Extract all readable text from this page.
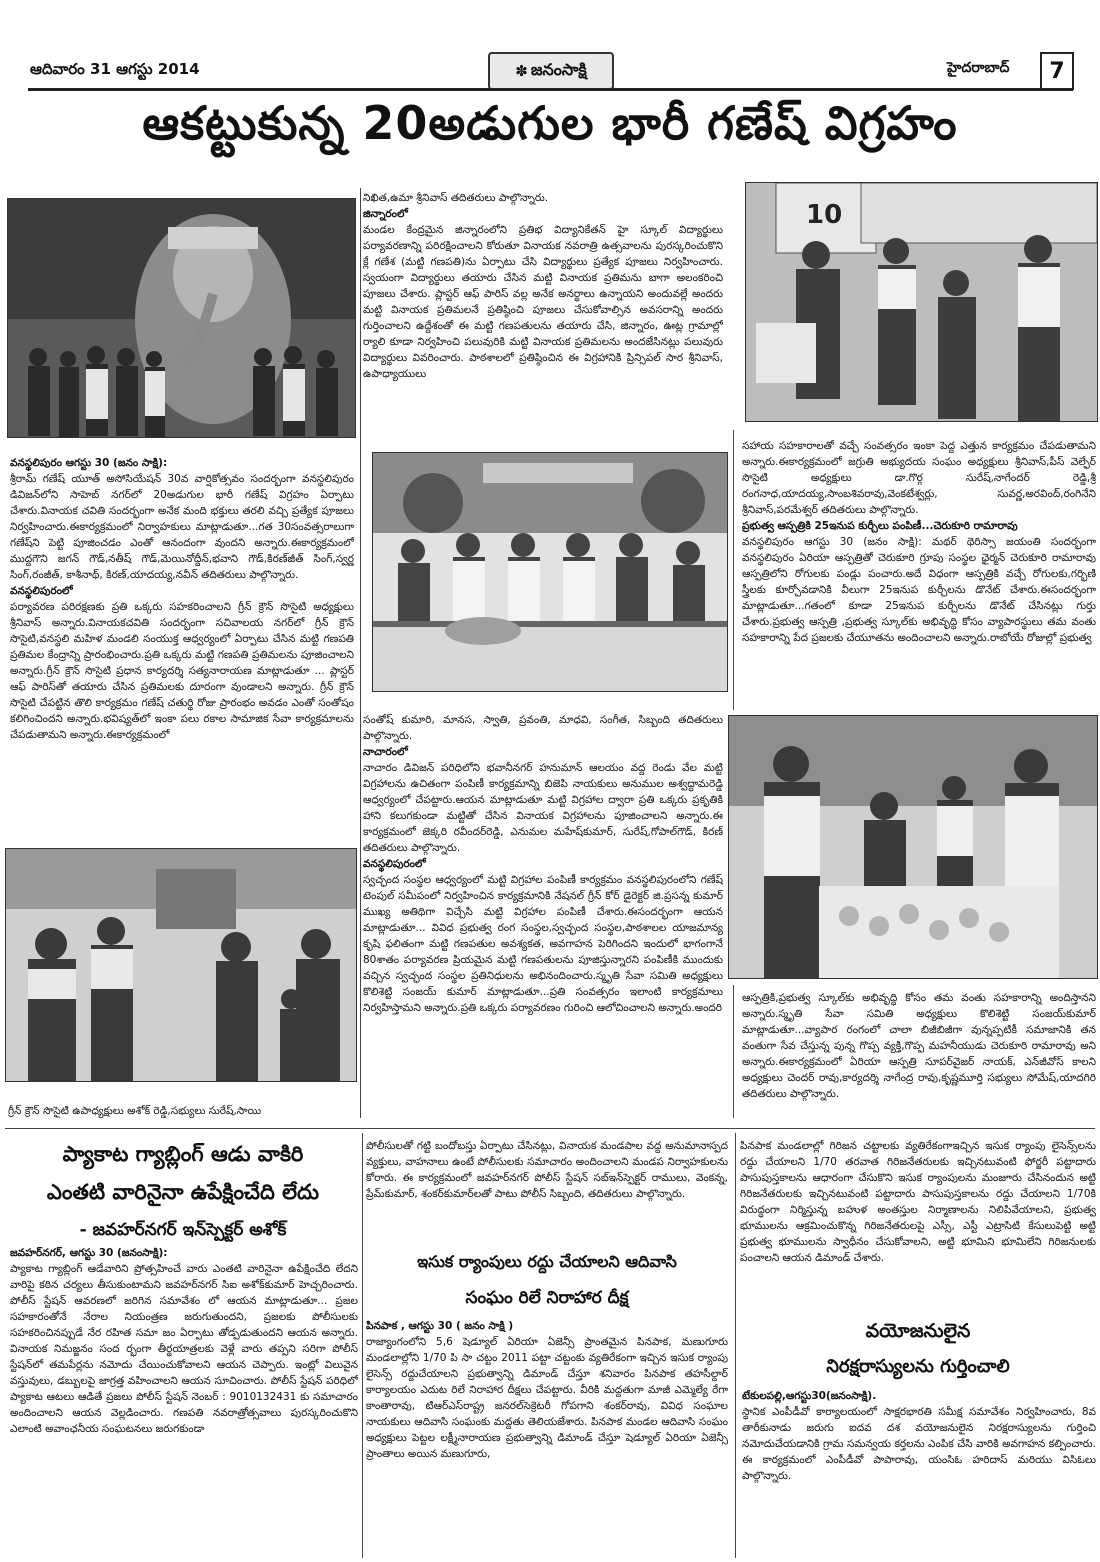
ఆదివారం 31 ఆగస్టు 2014	✽ జనంసాక్షి	హైదరాబాద్	7
ఆకట్టుకున్న 20అడుగుల భారీ గణేష్ విగ్రహం
వనస్థలిపురం ఆగస్టు 30 (జనం సాక్షి):
శ్రీరామ్ గణేష్ యూత్ అసోసియేషన్ 30వ వార్షికోత్సవం సందర్భంగా వనస్థలిపురం డివిజన్‌లోని సాహెబ్ నగర్‌లో 20అడుగుల భారీ గణేష్ విగ్రహం ఏర్పాటు చేశారు.వినాయక చవితి సందర్భంగా అనేక మంది భక్తులు తరలి వచ్చి ప్రత్యేక పూజలు నిర్వహించారు.ఈకార్యక్రమంలో నిర్వాహకులు మాట్లాడుతూ...గత 30సంవత్సరాలుగా గణేష్‌ని పెట్టి పూజించడం ఎంతో ఆనందంగా వుందని అన్నారు.ఈకార్యక్రమంలో ముద్దగౌని జగన్ గౌడ్,నతీష్ గౌడ్,మెయినోద్దీన్,భవాని గౌడ్,కిరణ్‌జీత్ సింగ్,స్వర్ణ సింగ్,రంజీత్, కాశీనాథ్, కిరణ్,యాదయ్య,నవీన్ తదితరులు పాల్గొన్నారు.
వనస్థలిపురంలో
పర్యావరణ పరిరక్షణకు ప్రతి ఒక్కరు సహకరించాలని గ్రీన్ క్రౌన్ సొసైటి అధ్యక్షులు శ్రీనివాస్ అన్నారు.వినాయకచవితి సందర్భంగా సచివాలయ నగర్‌లో గ్రీన్ క్రౌన్ సొసైటి,వనస్థలి మహిళ మండలి సంయుక్త ఆధ్వర్యంలో ఏర్పాటు చేసిన మట్టి గణపతి ప్రతిమల కేంద్రాన్ని ప్రారంభించారు.ప్రతి ఒక్కరు మట్టి గణపతి ప్రతిమలను పూజించాలని అన్నారు.గ్రీన్ క్రౌన్ సొసైటి ప్రధాన కార్యదర్శి సత్యనారాయణ మాట్లాడుతూ ... ప్లాస్టర్ ఆఫ్ పారిస్‌తో తయారు చేసిన ప్రతిమలకు దూరంగా వుండాలని అన్నారు. గ్రీన్ క్రౌన్ సొసైటి చేపట్టిన తొలి కార్యక్రమం గణేష్ చతుర్థి రోజు ప్రారంభం అవడం ఎంతో సంతోషం కలిగించిందని అన్నారు.భవిష్యత్‌లో ఇంకా పలు రకాల సామాజిక సేవా కార్యక్రమాలను చేపడుతామని అన్నారు.ఈకార్యక్రమంలో
గ్రీన్ క్రౌన్ సొసైటి ఉపాధ్యక్షులు అశోక్ రెడ్డి,సభ్యులు సురేష్,సాయి
నిఖిత,ఉమా శ్రీనివాస్ తదితరులు పాల్గొన్నారు.
జిన్నారంలో
మండల కేంద్రమైన జిన్నారంలోని ప్రతిభ విద్యానికేతన్ హై స్కూల్ విద్యార్థులు పర్యావరణాన్ని పరిరక్షించాలని కోరుతూ వినాయక నవరాత్రి ఉత్సవాలను పురస్కరించుకొని క్లే గణేశ (మట్టి గణపతి)ను ఏర్పాటు చేసి విద్యార్థులు ప్రత్యేక పూజలు నిర్వహించారు. స్వయంగా విద్యార్థులు తయారు చేసిన మట్టి వినాయక ప్రతిమను బాగా అలంకరించి పూజలు చేశారు. ప్లాస్టర్ ఆఫ్ పారిస్ వల్ల అనేక అనర్థాలు ఉన్నాయని అందువల్లే అందరు మట్టి వినాయక ప్రతిమలనే ప్రతిష్ఠించి పూజలు చేసుకోవాల్సిన అవసరాన్ని అందరు గుర్తించాలని ఉద్దేశంతో ఈ మట్టి గణపతులను తయారు చేసి, జిన్నారం, ఊట్ల గ్రామాల్లో ర్యాలి కూడా నిర్వహించి పలువురికి మట్టి వినాయక ప్రతిమలను అందజేసినట్లు పలువురు విద్యార్థులు వివరించారు. పాఠశాలలో ప్రతిష్ఠించిన ఈ విగ్రహానికి ప్రిన్సిపల్ సార శ్రీనివాస్, ఉపాధ్యాయులు
సంతోష్ కుమారి, మానస, స్వాతి, ప్రవంతి, మాధవి, సంగీత, సిబ్బంది తదితరులు పాల్గొన్నారు.
నాచారంలో
నాచారం డివిజన్ పరిధిలోని భవానీనగర్ హనుమాన్ ఆలయం వద్ద రెండు వేల మట్టి విగ్రహాలను ఉచితంగా పంపిణీ కార్యక్రమాన్ని బిజెపి నాయకులు అనుముల అశ్వద్ధామరెడ్డి ఆధ్వర్యంలో చేపట్టారు.ఆయన మాట్లాడుతూ మట్టి విగ్రహాల ద్వారా ప్రతి ఒక్కరు ప్రకృతికి హాని కలుగకుండా మట్టితో చేసిన వినాయక విగ్రహాలను పూజించాలని అన్నారు.ఈ కార్యక్రమంలో జెక్కరి రవీందర్‌రెడ్డి, ఎనుమల మహేష్‌కుమార్, సురేష్,గోపాల్‌గౌడ్, కిరణ్ తదితరులు పాల్గొన్నారు.
వనస్థలిపురంలో
స్వచ్ఛంద సంస్థల ఆధ్వర్యంలో మట్టి విగ్రహాల పంపిణీ కార్యక్రమం వనస్థలిపురంలోని గణేష్ టెంపుల్ సమీపంలో నిర్వహించిన కార్యక్రమానికి నేషనల్ గ్రీన్ కోర్ డైరెక్టర్ జి.ప్రసన్న కుమార్ ముఖ్య అతిథిగా విచ్చేసి మట్టి విగ్రహాల పంపిణీ చేశారు.ఈసందర్భంగా ఆయన మాట్లాడుతూ... వివిధ ప్రభుత్వ రంగ సంస్థల,స్వచ్ఛంద సంస్థల,పాఠశాలల యాజమాన్య కృషి ఫలితంగా మట్టి గణపతుల అవశ్యకత, అవగాహన పెరిగిందని ఇందులో భాగంగానే 80శాతం పర్యావరణ ప్రియమైన మట్టి గణపతులను పూజిస్తున్నారని పంపిణీకి ముందుకు వచ్చిన స్వచ్ఛంద సంస్థల ప్రతినిధులను అభినందించారు.స్మృతి సేవా సమితి అధ్యక్షులు కొలిశెట్టి సంజయ్ కుమార్ మాట్లాడుతూ...ప్రతి సంవత్సరం ఇలాంటి కార్యక్రమాలు నిర్వహిస్తామని అన్నారు.ప్రతి ఒక్కరు పర్యావరణం గురించి ఆలోచించాలని అన్నారు.అందరి
10
సహాయ సహకారాలతో వచ్చే సంవత్సరం ఇంకా పెద్ద ఎత్తున కార్యక్రమం చేపడుతామని అన్నారు.ఈకార్యక్రమంలో జగ్రుతి అభ్యుదయ సంఘం అధ్యక్షులు శ్రీనివాస్,పీస్ వెల్ఫేర్ సొసైటి అధ్యక్షులు డా.గొర్గ సురేష్,నాగేందర్ రెడ్డి,శ్రీ రంగనాధ,యాదయ్య,సాంబశివరావు,వెంకటేశ్వర్లు, సువర్ణ,అరవింద్,రంగినేని శ్రీనివాస్,పరమేశ్వర్ తదితరులు పాల్గొన్నారు.
ప్రభుత్వ ఆస్పత్రికి 25ఇనుప కుర్చీలు పంపిణీ...చెరుకూరి రామారావు
వనస్థలిపురం ఆగస్టు 30 (జనం సాక్షి): మథర్ థెరిస్సా జయంతి సందర్భంగా వనస్థలిపురం ఏరియా ఆస్పత్రితో చెరుకూరి గ్రూపు సంస్థల ఛైర్మన్ చెరుకూరి రామారావు ఆస్పత్రిలోని రోగులకు పండ్లు పంచారు.అదే విధంగా ఆస్పత్రికి వచ్చే రోగులకు,గర్భిణి స్త్రీలకు కూర్చోవడానికి వీలుగా 25ఇనుప కుర్చీలను డొనేట్ చేశారు.ఈసందర్భంగా మాట్లాడుతూ...గతంలో కూడా 25ఇనుప కుర్చీలను డొనేట్ చేసినట్లు గుర్తు చేశారు.ప్రభుత్వ ఆస్పత్రి ,ప్రభుత్వ స్కూల్‌కు అభివృద్ధి కోసం వ్యాపారస్థులు తమ వంతు సహకారాన్ని పేద ప్రజలకు చేయూతను అందించాలని అన్నారు.రాబోయే రోజుల్లో ప్రభుత్వ
ఆస్పత్రికి,ప్రభుత్వ స్కూల్‌కు అభివృద్ధి కోసం తమ వంతు సహకారాన్ని అందిస్తానని అన్నారు.స్మృతి సేవా సమితి అధ్యక్షులు కొలిశెట్టి సంజయ్‌కుమార్ మాట్లాడుతూ...వ్యాపార రంగంలో చాలా బిజీబిజీగా వున్నప్పటికీ సమాజానికి తన వంతుగా సేవ చేస్తున్న పున్న గొప్ప వ్యక్తి,గొప్ప మహనీయుడు చెరుకూరి రామారావు అని అన్నారు.ఈకార్యక్రమంలో ఏరియా ఆస్పత్రి సూపర్‌వైజర్ నాయక్, ఎన్‌జీవోస్ కాలని అధ్యక్షులు చెందర్ రావు,కార్యదర్శి నాగేంద్ర రావు,కృష్ణమూర్తి సభ్యులు సోమేష్,యాదగిరి తదితరులు పాల్గొన్నారు.
ప్యాకాట గ్యాబ్లింగ్ ఆడు వాకిరి
ఎంతటి వారినైనా ఉపేక్షించేది లేదు
- జవహర్‌నగర్ ఇన్‌స్పెక్టర్ అశోక్
జవహర్‌నగర్, ఆగస్టు 30 (జనంసాక్షి):
ప్యాకాట గ్యాబ్లింగ్ ఆడేవారిని ప్రోత్సహించే వారు ఎంతటి వారినైనా ఉపేక్షించేది లేదని వారిపై కఠిన చర్యలు తీసుకుంటామని జవహర్‌నగర్ సిఐ అశోక్‌కుమార్ హెచ్చరించారు. పోలీస్ స్టేషన్ ఆవరణలో జరిగిన సమావేశం లో ఆయన మాట్లాడుతూ... ప్రజల సహకారంతోనే నేరాల నియంత్రణ జరుగుతుందని, ప్రజలకు పోలీసులకు సహకరించినప్పుడే నేర రహిత సమా జం ఏర్పాటు తోడ్పడుతుందని ఆయన అన్నారు. వినాయక నిమజ్జనం సంద ర్భంగా తీర్థయాత్రలకు వెళ్లే వారు తప్పని సరిగా పోలీస్ స్టేషన్‌లో తమపేర్లను నమోదు చేయించుకోవాలని ఆయన చెప్పారు. ఇంట్లో విలువైన వస్తువులు, డబ్బులపై జాగ్రత్త వహించాలని ఆయన సూచించారు. పోలీస్ స్టేషన్ పరిధిలో ప్యాకాట ఆటలు ఆడితే ప్రజలు పోలీస్ స్టేషన్ నెంబర్ : 9010132431 కు సమాచారం అందించాలని ఆయన వెల్లడించారు. గణపతి నవరాత్రోత్సవాలు పురస్కరించుకొని ఎలాంటి అవాంఛనీయ సంఘటనలు జరుగకుండా
పోలీసులతో గట్టి బందోబస్తు ఏర్పాటు చేసినట్లు, వినాయక మండపాల వద్ద అనుమానాస్పద వ్యక్తులు, వాహనాలు ఉంటే పోలీసులకు సమాచారం అందించాలని మండప నిర్వాహకులను కోరారు. ఈ కార్యక్రమంలో జవహర్‌నగర్ పోలీస్ స్టేషన్ సబ్‌ఇన్‌స్పెక్టర్ రాములు, వెంకన్న, ప్రేమ్‌కుమార్, శంకర్‌కుమార్‌లతో పాటు పోలీస్ సిబ్బంది, తదితరులు పాల్గొన్నారు.
ఇసుక ర్యాంపులు రద్దు చేయాలని ఆదివాసి
సంఘం రిలే నిరాహార దీక్ష
పినపాక , ఆగస్టు 30 ( జనం సాక్షి )
రాజ్యాంగంలోని 5,6 షెడ్యూల్ ఏరియా ఏజెన్సీ ప్రాంతమైన పినపాక, మణుగూరు మండలాల్లోని 1/70 పి సా చట్టం 2011 పట్టా చట్టంకు వ్యతిరేకంగా ఇచ్చిన ఇసుక ర్యాంపు లైసెన్స్ రద్దుచేయాలని ప్రభుత్వాన్ని డిమాండ్ చేస్తూ శనివారం పినపాక తహసీల్దార్ కార్యాలయం ఎదుట రిలే నిరాహార దీక్షలు చేపట్టారు. వీరికి మద్దతుగా మాజీ ఎమ్మెల్యే రేగా కాంతారావు, టిఆర్‌ఎస్‌రాష్ట్ర జనరల్‌సెక్రెటరీ గోపగాని శంకర్‌రావు, వివిధ సంఘాల నాయకులు ఆదివాసి సంఘంకు మద్దతు తెలియజేశారు. పినపాక మండల ఆదివాసి సంఘం అధ్యక్షులు పెట్టల లక్ష్మీనారాయణ ప్రభుత్వాన్ని డిమాండ్ చేస్తూ షెడ్యూల్ ఏరియా ఏజెన్సీ ప్రాంతాలు అయిన మణుగూరు,
పినపాక మండలాల్లో గిరిజన చట్టాలకు వ్యతిరేకంగాఇచ్చిన ఇసుక ర్యాంపు లైసెన్స్‌లను రద్దు చేయాలని 1/70 తరవాత గిరిజనేతరులకు ఇచ్చినటువంటి ఫోర్జరీ పట్టాదారు పాసుపుస్తకాలను ఆధారంగా చేసుకొని ఇసుక ర్యాంపులను మంజూరు చేసినందున అట్టి గిరిజనేతరులకు ఇచ్చినటువంటి పట్టాదారు పాసుపుస్తకాలను రద్దు చేయాలని 1/70కి విరుద్ధంగా నిర్మిస్తున్న బహుళ అంతస్తుల నిర్మాణాలను నిలిపివేయాలని, ప్రభుత్వ భూములను ఆక్రమించుకొన్న గిరిజనేతరులపై ఎస్సీ, ఎస్టీ ఎట్రాసిటి కేసులుపెట్టి అట్టి ప్రభుత్వ భూములను స్వాధీనం చేసుకోవాలని, అట్టి భూమిని భూమిలేని గిరిజనులకు పంచాలని ఆయన డిమాండ్ చేశారు.
వయోజనులైన
నిరక్షరాస్యులను గుర్తించాలి
టేకులపల్లి,ఆగస్టు30(జనంసాక్షి).
స్థానిక ఎంపీడీవో కార్యాలయంలో సాక్షరభారతి సమీక్ష సమావేశం నిర్వహించారు, 8వ తారీకునాడు జరుగు ఐదవ దశ వయోజనులైన నిరక్షరాస్యులను గుర్తించి నమోదుచేయడానికి గ్రామ సమన్వయ కర్తలను ఎంపిక చేసి వారికి అవగాహన కల్పించారు. ఈ కార్యక్రమంలో ఎంపీడీవో పాపారావు, యంసిఓ హరిదాస్ మరియు విసిఓలు పాల్గొన్నారు.
